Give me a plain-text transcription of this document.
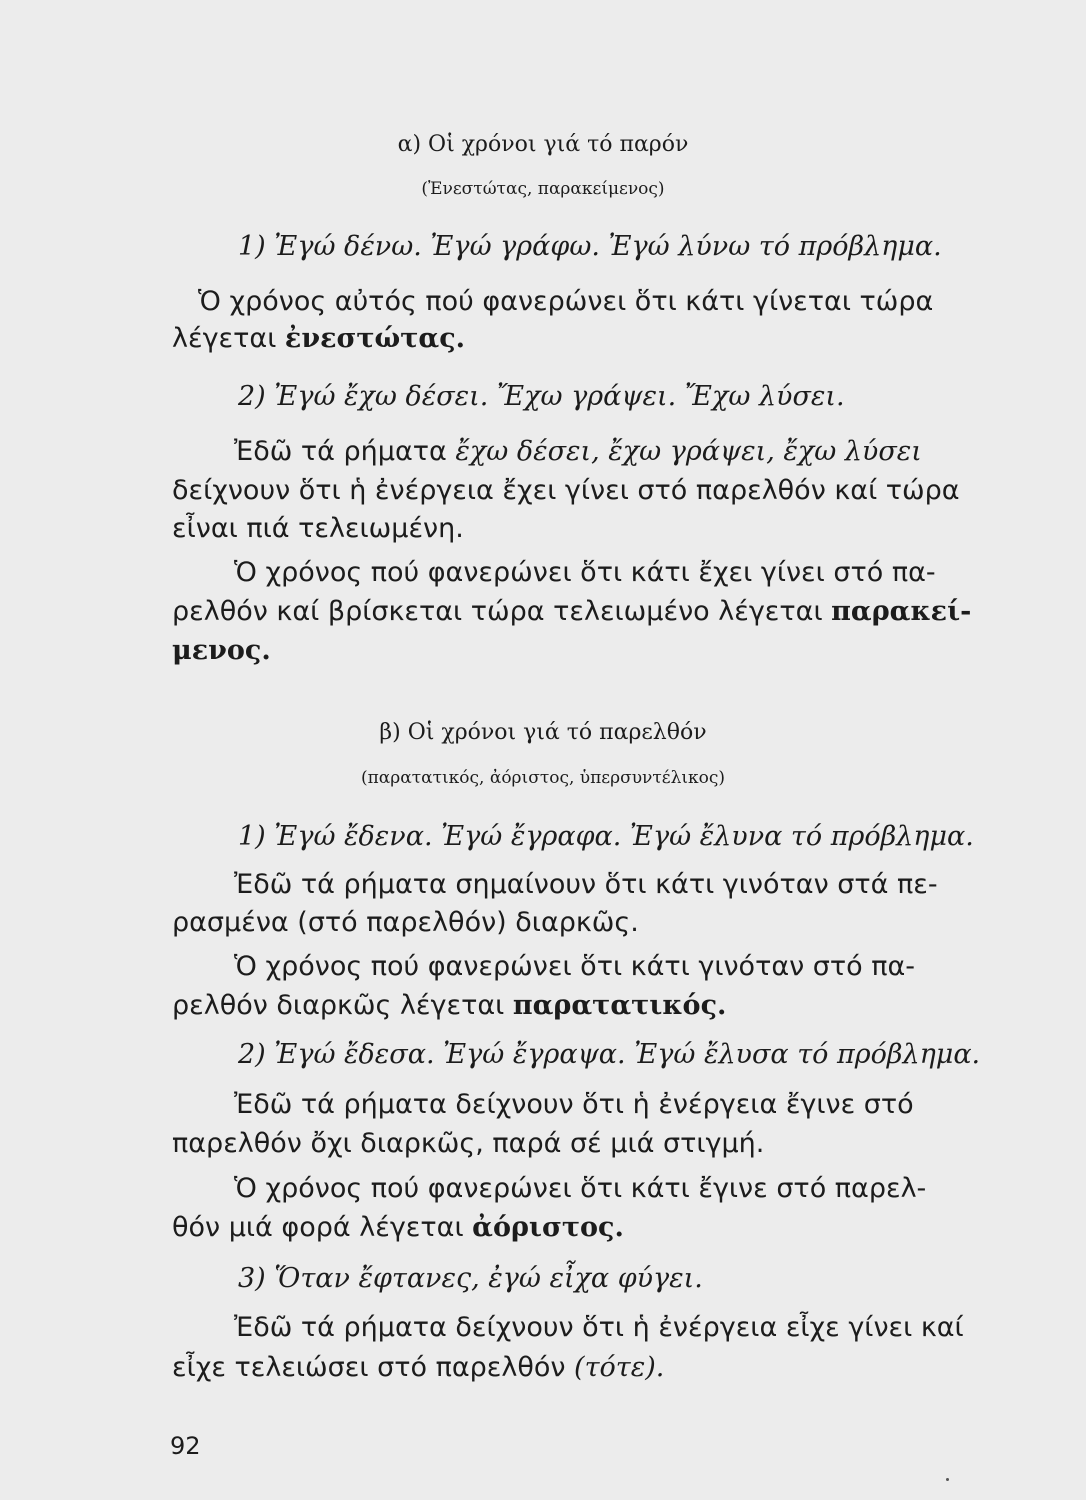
α) Οἱ χρόνοι γιά τό παρόν
(Ἐνεστώτας, παρακείμενος)
1) Ἐγώ δένω. Ἐγώ γράφω. Ἐγώ λύνω τό πρόβλημα.
Ὁ χρόνος αὐτός πού φανερώνει ὅτι κάτι γίνεται τώρα
λέγεται ἐνεστώτας.
2) Ἐγώ ἔχω δέσει. Ἔχω γράψει. Ἔχω λύσει.
Ἐδῶ τά ρήματα ἔχω δέσει, ἔχω γράψει, ἔχω λύσει
δείχνουν ὅτι ἡ ἐνέργεια ἔχει γίνει στό παρελθόν καί τώρα
εἶναι πιά τελειωμένη.
Ὁ χρόνος πού φανερώνει ὅτι κάτι ἔχει γίνει στό πα-
ρελθόν καί βρίσκεται τώρα τελειωμένο λέγεται παρακεί-
μενος.
β) Οἱ χρόνοι γιά τό παρελθόν
(παρατατικός, ἀόριστος, ὑπερσυντέλικος)
1) Ἐγώ ἔδενα. Ἐγώ ἔγραφα. Ἐγώ ἔλυνα τό πρόβλημα.
Ἐδῶ τά ρήματα σημαίνουν ὅτι κάτι γινόταν στά πε-
ρασμένα (στό παρελθόν) διαρκῶς.
Ὁ χρόνος πού φανερώνει ὅτι κάτι γινόταν στό πα-
ρελθόν διαρκῶς λέγεται παρατατικός.
2) Ἐγώ ἔδεσα. Ἐγώ ἔγραψα. Ἐγώ ἔλυσα τό πρόβλημα.
Ἐδῶ τά ρήματα δείχνουν ὅτι ἡ ἐνέργεια ἔγινε στό
παρελθόν ὄχι διαρκῶς, παρά σέ μιά στιγμή.
Ὁ χρόνος πού φανερώνει ὅτι κάτι ἔγινε στό παρελ-
θόν μιά φορά λέγεται ἀόριστος.
3) Ὅταν ἔφτανες, ἐγώ εἶχα φύγει.
Ἐδῶ τά ρήματα δείχνουν ὅτι ἡ ἐνέργεια εἶχε γίνει καί
εἶχε τελειώσει στό παρελθόν (τότε).
92
